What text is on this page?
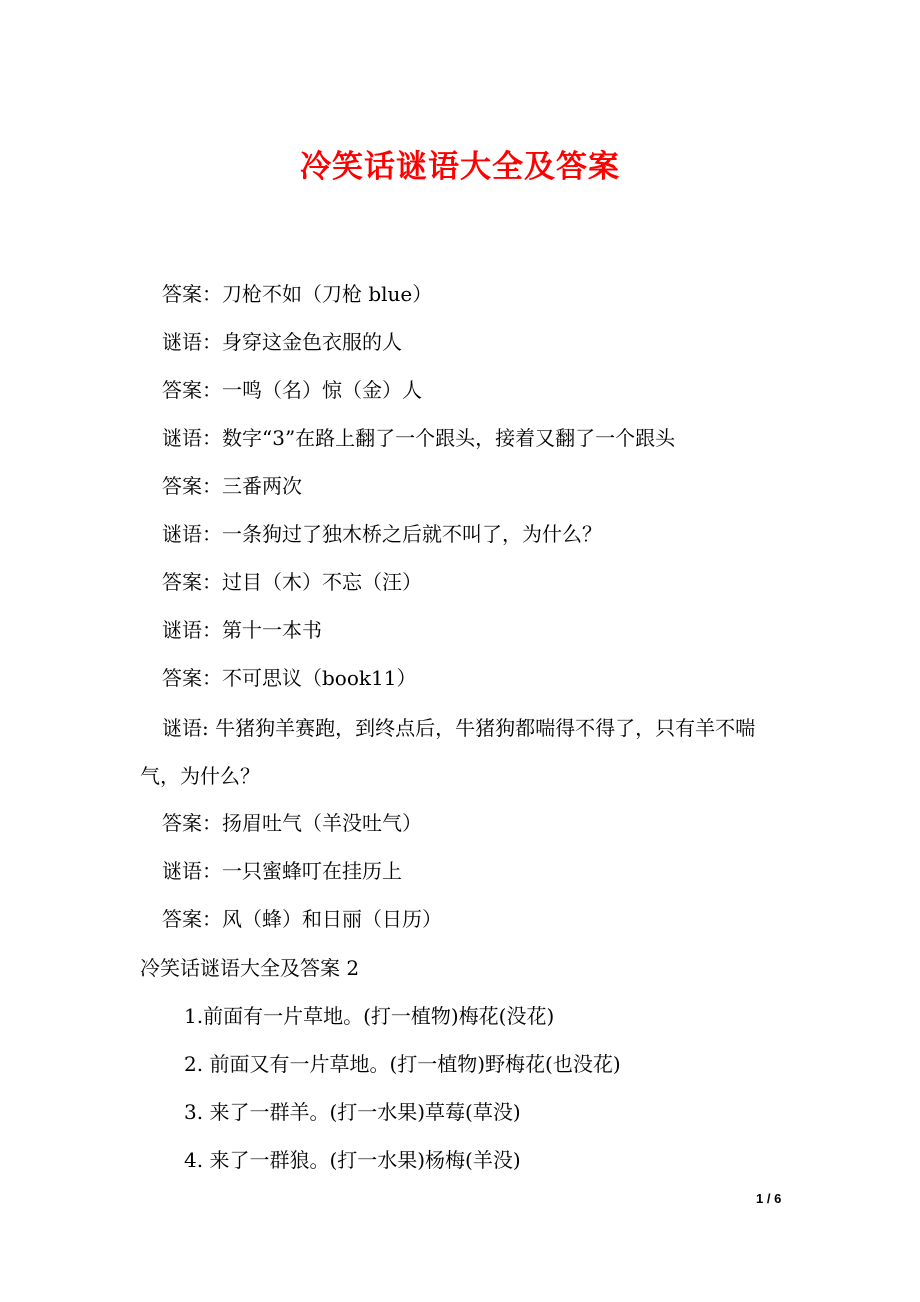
冷笑话谜语大全及答案

答案：刀枪不如（刀枪 blue）

谜语：身穿这金色衣服的人

答案：一鸣（名）惊（金）人

谜语：数字“3”在路上翻了一个跟头，接着又翻了一个跟头

答案：三番两次

谜语：一条狗过了独木桥之后就不叫了，为什么？

答案：过目（木）不忘（汪）

谜语：第十一本书

答案：不可思议（book11）

谜语: 牛猪狗羊赛跑，到终点后，牛猪狗都喘得不得了，只有羊不喘气，为什么？

答案：扬眉吐气（羊没吐气）

谜语：一只蜜蜂叮在挂历上

答案：风（蜂）和日丽（日历）

冷笑话谜语大全及答案 2

1.前面有一片草地。(打一植物)梅花(没花)

2. 前面又有一片草地。(打一植物)野梅花(也没花)

3. 来了一群羊。(打一水果)草莓(草没)

4. 来了一群狼。(打一水果)杨梅(羊没)

1 / 6
